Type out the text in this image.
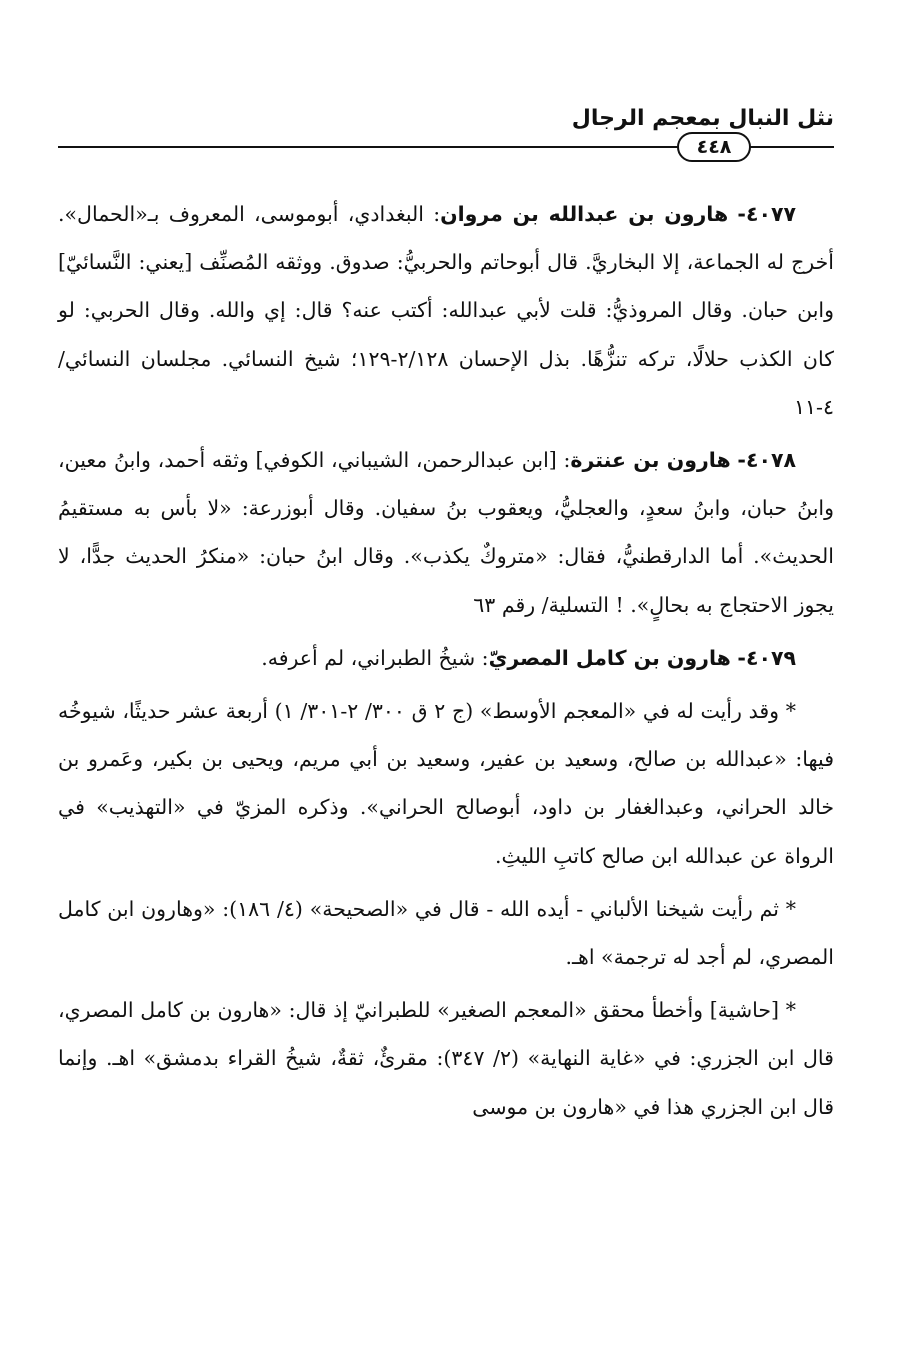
نثل النبال بمعجم الرجال
٤٤٨

٤٠٧٧- هارون بن عبدالله بن مروان: البغدادي، أبوموسى، المعروف بـ«الحمال». أخرج له الجماعة، إلا البخاريَّ. قال أبوحاتم والحربيُّ: صدوق. ووثقه المُصنِّف [يعني: النَّسائيّ] وابن حبان. وقال المروذيُّ: قلت لأبي عبدالله: أكتب عنه؟ قال: إي والله. وقال الحربي: لو كان الكذب حلالًا، تركه تنزُّهًا. بذل الإحسان ٢/١٢٨-١٢٩؛ شيخ النسائي. مجلسان النسائي/ ٤-١١

٤٠٧٨- هارون بن عنترة: [ابن عبدالرحمن، الشيباني، الكوفي] وثقه أحمد، وابنُ معين، وابنُ حبان، وابنُ سعدٍ، والعجليُّ، ويعقوب بنُ سفيان. وقال أبوزرعة: «لا بأس به مستقيمُ الحديث». أما الدارقطنيُّ، فقال: «متروكٌ يكذب». وقال ابنُ حبان: «منكرُ الحديث جدًّا، لا يجوز الاحتجاج به بحالٍ». ! التسلية/ رقم ٦٣

٤٠٧٩- هارون بن كامل المصريّ: شيخُ الطبراني، لم أعرفه.

* وقد رأيت له في «المعجم الأوسط» (ج ٢ ق ٣٠٠/ ٢-٣٠١/ ١) أربعة عشر حديثًا، شيوخُه فيها: «عبدالله بن صالح، وسعيد بن عفير، وسعيد بن أبي مريم، ويحيى بن بكير، وعَمرو بن خالد الحراني، وعبدالغفار بن داود، أبوصالح الحراني». وذكره المزيّ في «التهذيب» في الرواة عن عبدالله ابن صالح كاتبِ الليثِ.

* ثم رأيت شيخنا الألباني - أيده الله - قال في «الصحيحة» (٤/ ١٨٦): «وهارون ابن كامل المصري، لم أجد له ترجمة» اهـ.

* [حاشية] وأخطأ محقق «المعجم الصغير» للطبرانيّ إذ قال: «هارون بن كامل المصري، قال ابن الجزري: في «غاية النهاية» (٢/ ٣٤٧): مقرئٌ، ثقةٌ، شيخُ القراء بدمشق» اهـ. وإنما قال ابن الجزري هذا في «هارون بن موسى
